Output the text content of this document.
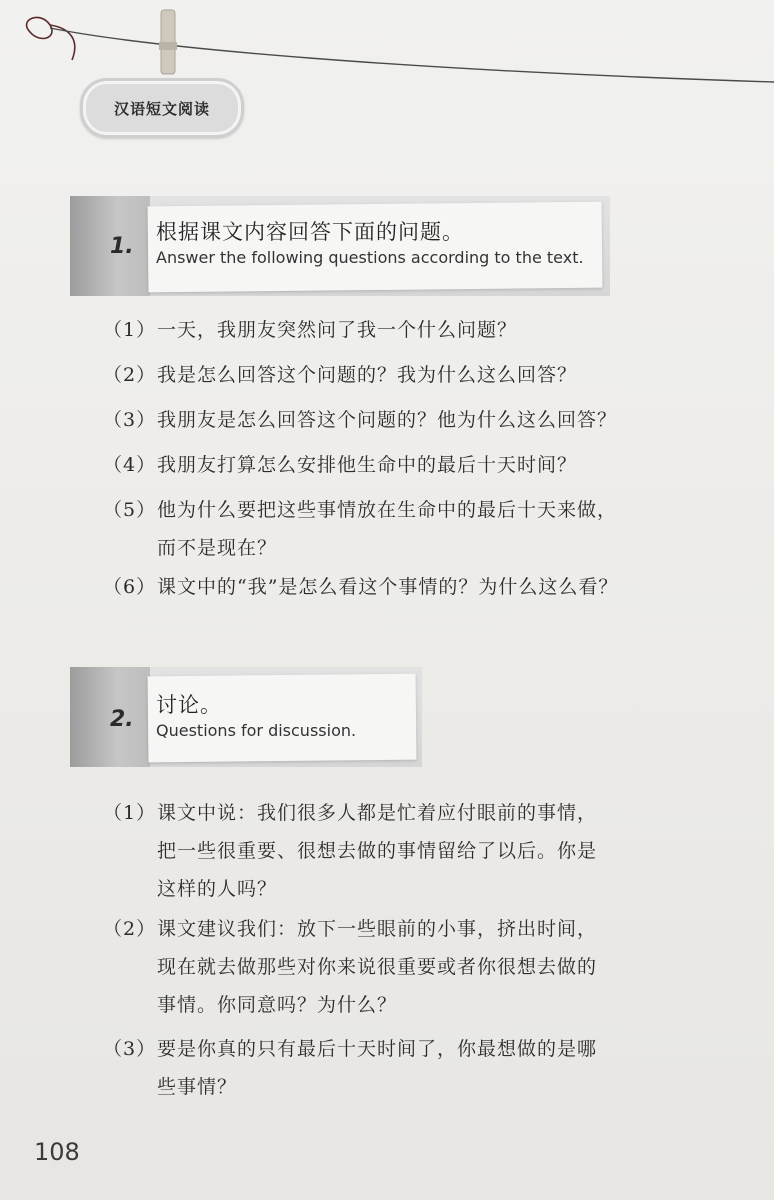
汉语短文阅读
1.
根据课文内容回答下面的问题。
Answer the following questions according to the text.
（1）一天，我朋友突然问了我一个什么问题？
（2）我是怎么回答这个问题的？我为什么这么回答？
（3）我朋友是怎么回答这个问题的？他为什么这么回答？
（4）我朋友打算怎么安排他生命中的最后十天时间？
（5）他为什么要把这些事情放在生命中的最后十天来做，
而不是现在？
（6）课文中的“我”是怎么看这个事情的？为什么这么看？
2.
讨论。
Questions for discussion.
（1）课文中说：我们很多人都是忙着应付眼前的事情，
把一些很重要、很想去做的事情留给了以后。你是
这样的人吗？
（2）课文建议我们：放下一些眼前的小事，挤出时间，
现在就去做那些对你来说很重要或者你很想去做的
事情。你同意吗？为什么？
（3）要是你真的只有最后十天时间了，你最想做的是哪
些事情？
108
